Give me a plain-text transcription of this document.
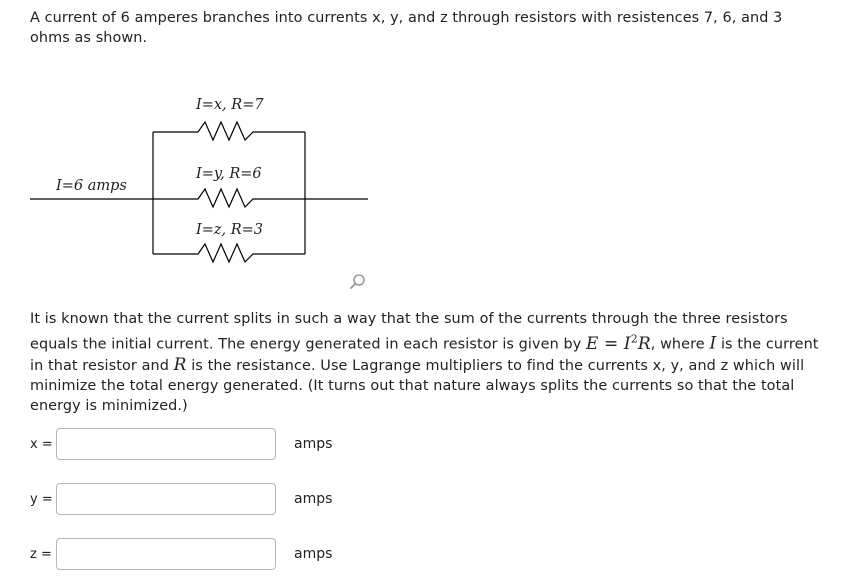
A current of 6 amperes branches into currents x, y, and z through resistors with resistences 7, 6, and 3 ohms as shown.

I=6 amps
I=x, R=7
I=y, R=6
I=z, R=3

It is known that the current splits in such a way that the sum of the currents through the three resistors equals the initial current. The energy generated in each resistor is given by $E = I^2R$, where I is the current in that resistor and R is the resistance. Use Lagrange multipliers to find the currents x, y, and z which will minimize the total energy generated. (It turns out that nature always splits the currents so that the total energy is minimized.)

x =	amps
y =	amps
z =	amps
